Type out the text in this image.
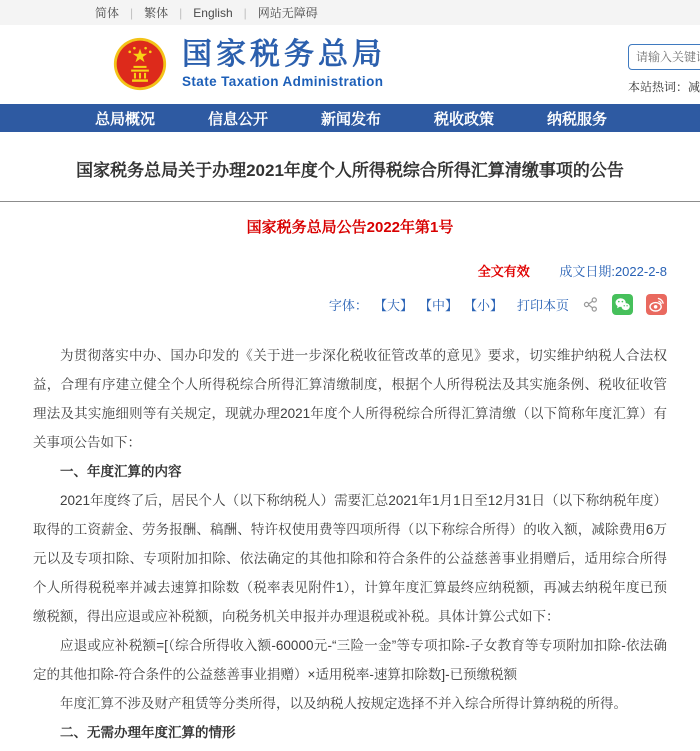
简体 | 繁体 | English | 网站无障碍
国家税务总局
State Taxation Administration
请输入关键词	本站热词：减
总局概况	信息公开	新闻发布	税收政策	纳税服务
国家税务总局关于办理2021年度个人所得税综合所得汇算清缴事项的公告
国家税务总局公告2022年第1号
全文有效 成文日期:2022-2-8
字体： 【大】 【中】 【小】 打印本页

为贯彻落实中办、国办印发的《关于进一步深化税收征管改革的意见》要求，切实维护纳税人合法权益，合理有序建立健全个人所得税综合所得汇算清缴制度，根据个人所得税法及其实施条例、税收征收管理法及其实施细则等有关规定，现就办理2021年度个人所得税综合所得汇算清缴（以下简称年度汇算）有关事项公告如下：

一、年度汇算的内容

2021年度终了后，居民个人（以下称纳税人）需要汇总2021年1月1日至12月31日（以下称纳税年度）取得的工资薪金、劳务报酬、稿酬、特许权使用费等四项所得（以下称综合所得）的收入额，减除费用6万元以及专项扣除、专项附加扣除、依法确定的其他扣除和符合条件的公益慈善事业捐赠后，适用综合所得个人所得税税率并减去速算扣除数（税率表见附件1），计算年度汇算最终应纳税额，再减去纳税年度已预缴税额，得出应退或应补税额，向税务机关申报并办理退税或补税。具体计算公式如下：

应退或应补税额=[（综合所得收入额-60000元-“三险一金”等专项扣除-子女教育等专项附加扣除-依法确定的其他扣除-符合条件的公益慈善事业捐赠）×适用税率-速算扣除数]-已预缴税额

年度汇算不涉及财产租赁等分类所得，以及纳税人按规定选择不并入综合所得计算纳税的所得。

二、无需办理年度汇算的情形
